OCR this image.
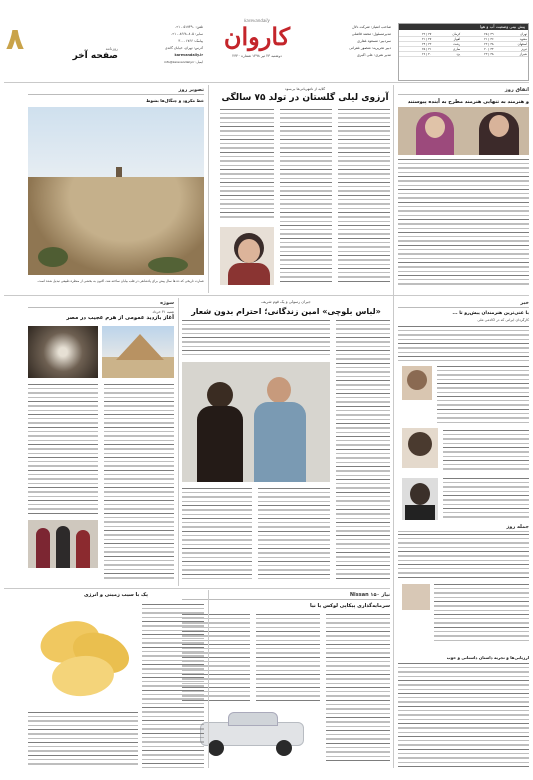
پیش بینی وضعیت آب و هوا
تهران	۳۹ | ۲۵	کرمان	۳۷ | ۲۲
مشهد	۳۶ | ۲۱	اهواز	۴۷ | ۳۱
اصفهان	۳۸ | ۲۲	رشت	۳۲ | ۲۴
تبریز	۳۴ | ۲۰	ساری	۳۱ | ۲۵
شیراز	۳۸ | ۲۳	یزد	۴۰ | ۲۶
صاحب امتیاز: شرکت دلال
مدیرمسئول: محمد فاضلی
سردبیر: مسعود غفاری
دبیر تحریریه: منصور غفرانی
مدیر هنری: علی اکبری
karevandaily
کاروان
دوشنبه ۲۳ تیر ۱۳۹۸ شماره ۲۳۴۰
تلفن: ۵۱۷۳۹۰ - ۰۲۱
نمابر: ۸۶۶۸۰۸۰۵ - ۰۲۱
پیامک: ۳۰۰۰۱۷۶۶
آدرس: تهران، خیابان گاندی
karevandaily.ir
ایمیل: info@karevandaily.ir
روزنامه
صفحه آخر
۸
اتفاق روز
و هنرمند به تنهایی هنرمند مطرح به آینده پیوستند
گلایه از نامهربانی‌ها بی‌سود
آرزوی لیلی گلستان در تولد ۷۵ سالگی
تصویر روز
خط مکرود و چنگال‌ها بشوط
عمارت تاریخی که ده ها سال پیش برای پادشاهی در قلب بیابان ساخته شد، اکنون به بخشی از منظره طبیعی تبدیل شده است.
خبر
با غنی‌ترین هنرمندان پیش‌رو تا ...
کارگردان ایرانی که در آکادمی ملی
جمله روز
جیران رسولی و یک قوم شریف
«لباس بلوچی» امین زندگانی؛ احترام بدون شعار
سوژه
شنبه ۳۱ خرداد
آغاز بازدید عمومی از هرم عجیب در مصر
نیاز ۱۵۰ Nissan
سرمایه‌گذاری پیکاپی لوکس یا نیا
پک با سیب زمینی و انرژی
ارزیابی‌ها و تجربه داستان داستانی و خوب
